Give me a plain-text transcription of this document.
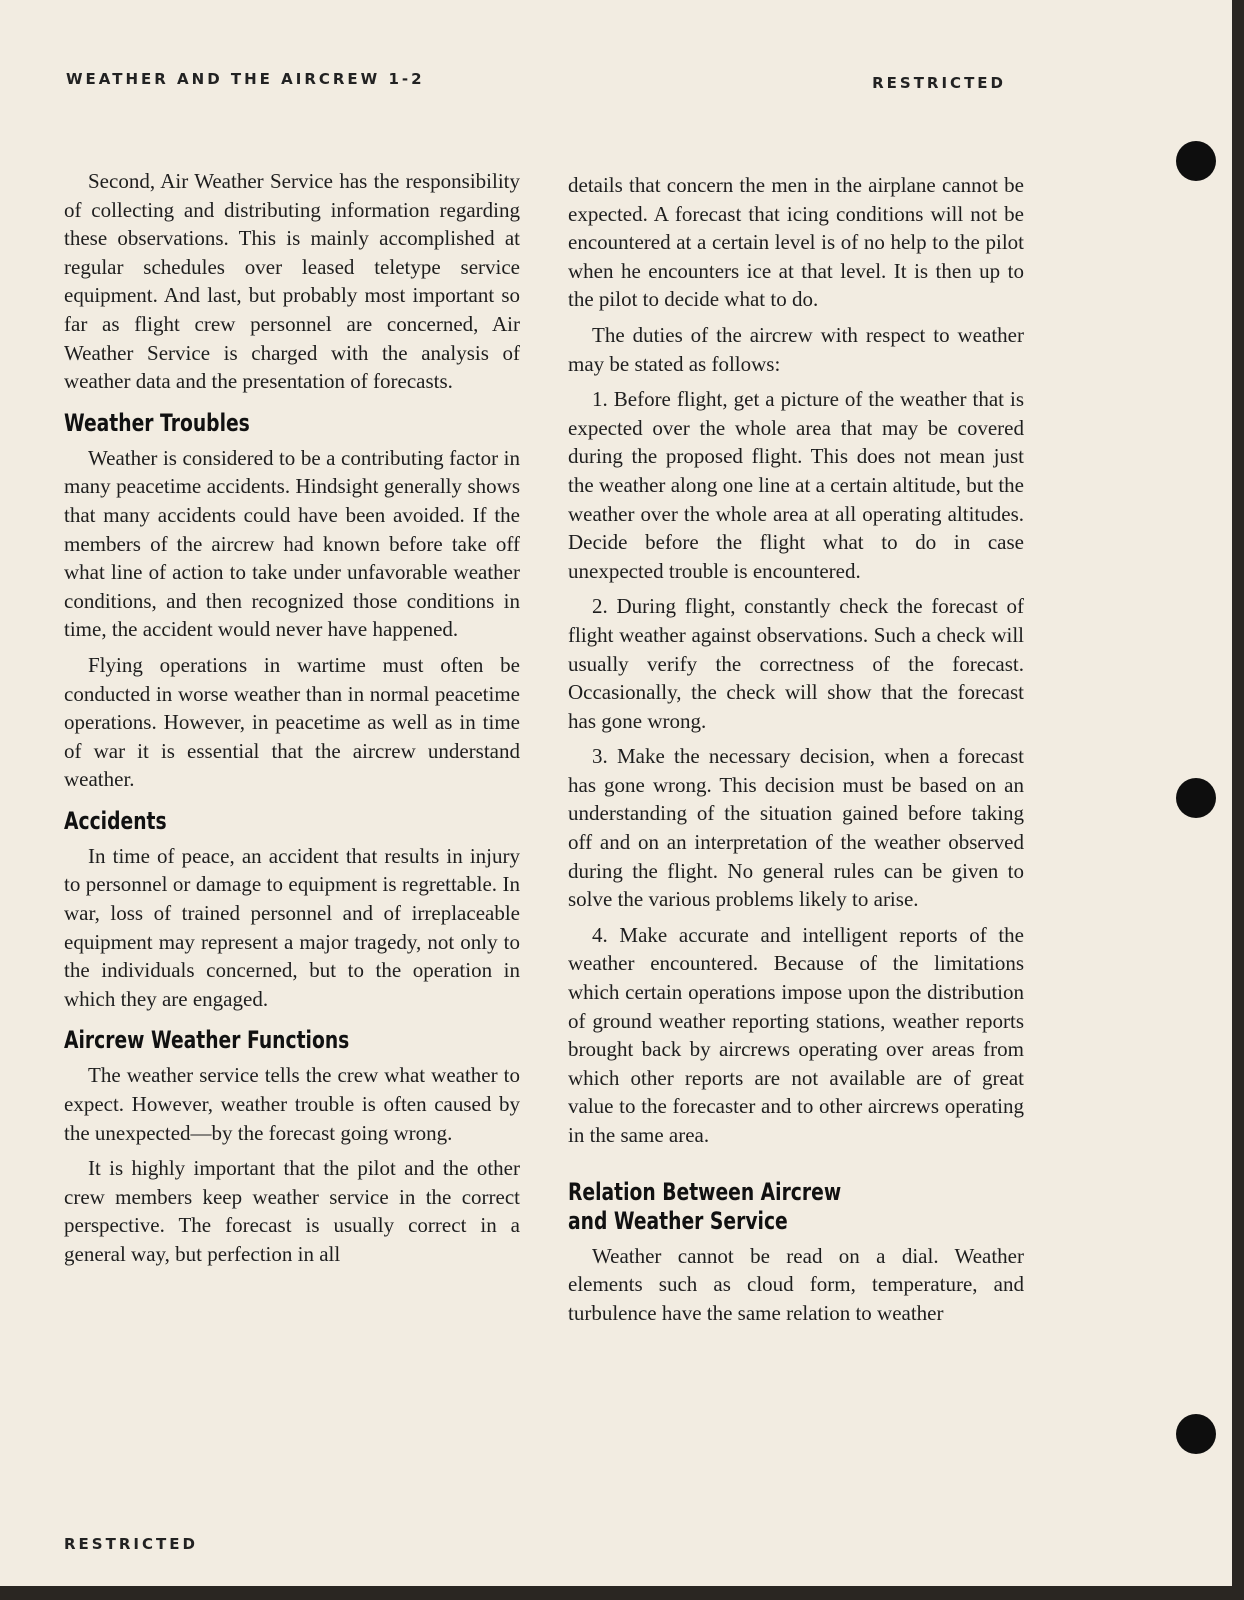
WEATHER AND THE AIRCREW 1-2	RESTRICTED

Second, Air Weather Service has the responsibility of collecting and distributing information regarding these observations. This is mainly accomplished at regular schedules over leased teletype service equipment. And last, but probably most important so far as flight crew personnel are concerned, Air Weather Service is charged with the analysis of weather data and the presentation of forecasts.

Weather Troubles

Weather is considered to be a contributing factor in many peacetime accidents. Hindsight generally shows that many accidents could have been avoided. If the members of the aircrew had known before take off what line of action to take under unfavorable weather conditions, and then recognized those conditions in time, the accident would never have happened.

Flying operations in wartime must often be conducted in worse weather than in normal peacetime operations. However, in peacetime as well as in time of war it is essential that the aircrew understand weather.

Accidents

In time of peace, an accident that results in injury to personnel or damage to equipment is regrettable. In war, loss of trained personnel and of irreplaceable equipment may represent a major tragedy, not only to the individuals concerned, but to the operation in which they are engaged.

Aircrew Weather Functions

The weather service tells the crew what weather to expect. However, weather trouble is often caused by the unexpected—by the forecast going wrong.

It is highly important that the pilot and the other crew members keep weather service in the correct perspective. The forecast is usually correct in a general way, but perfection in all

details that concern the men in the airplane cannot be expected. A forecast that icing conditions will not be encountered at a certain level is of no help to the pilot when he encounters ice at that level. It is then up to the pilot to decide what to do.

The duties of the aircrew with respect to weather may be stated as follows:

1. Before flight, get a picture of the weather that is expected over the whole area that may be covered during the proposed flight. This does not mean just the weather along one line at a certain altitude, but the weather over the whole area at all operating altitudes. Decide before the flight what to do in case unexpected trouble is encountered.

2. During flight, constantly check the forecast of flight weather against observations. Such a check will usually verify the correctness of the forecast. Occasionally, the check will show that the forecast has gone wrong.

3. Make the necessary decision, when a forecast has gone wrong. This decision must be based on an understanding of the situation gained before taking off and on an interpretation of the weather observed during the flight. No general rules can be given to solve the various problems likely to arise.

4. Make accurate and intelligent reports of the weather encountered. Because of the limitations which certain operations impose upon the distribution of ground weather reporting stations, weather reports brought back by aircrews operating over areas from which other reports are not available are of great value to the forecaster and to other aircrews operating in the same area.

Relation Between Aircrew
and Weather Service

Weather cannot be read on a dial. Weather elements such as cloud form, temperature, and turbulence have the same relation to weather

RESTRICTED
